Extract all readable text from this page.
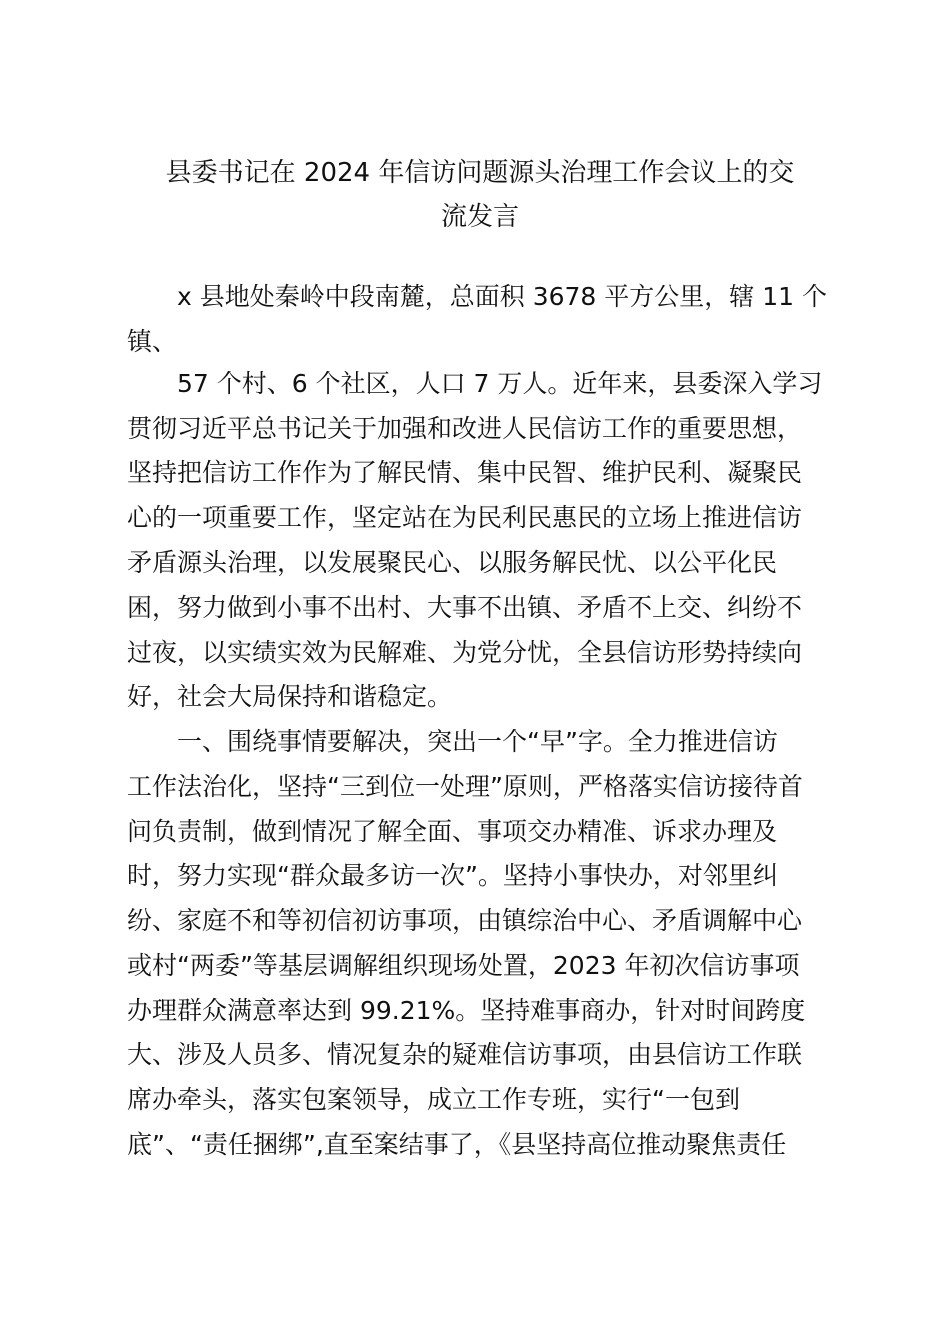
县委书记在 2024 年信访问题源头治理工作会议上的交
流发言

x 县地处秦岭中段南麓，总面积 3678 平方公里，辖 11 个

镇、

57 个村、6 个社区，人口 7 万人。近年来，县委深入学习

贯彻习近平总书记关于加强和改进人民信访工作的重要思想，

坚持把信访工作作为了解民情、集中民智、维护民利、凝聚民

心的一项重要工作，坚定站在为民利民惠民的立场上推进信访

矛盾源头治理，以发展聚民心、以服务解民忧、以公平化民

困，努力做到小事不出村、大事不出镇、矛盾不上交、纠纷不

过夜，以实绩实效为民解难、为党分忧，全县信访形势持续向

好，社会大局保持和谐稳定。

一、围绕事情要解决，突出一个“早”字。全力推进信访

工作法治化，坚持“三到位一处理”原则，严格落实信访接待首

问负责制，做到情况了解全面、事项交办精准、诉求办理及

时，努力实现“群众最多访一次”。坚持小事快办，对邻里纠

纷、家庭不和等初信初访事项，由镇综治中心、矛盾调解中心

或村“两委”等基层调解组织现场处置，2023 年初次信访事项

办理群众满意率达到 99.21%。坚持难事商办，针对时间跨度

大、涉及人员多、情况复杂的疑难信访事项，由县信访工作联

席办牵头，落实包案领导，成立工作专班，实行“一包到

底”、“责任捆绑”,直至案结事了，《县坚持高位推动聚焦责任
